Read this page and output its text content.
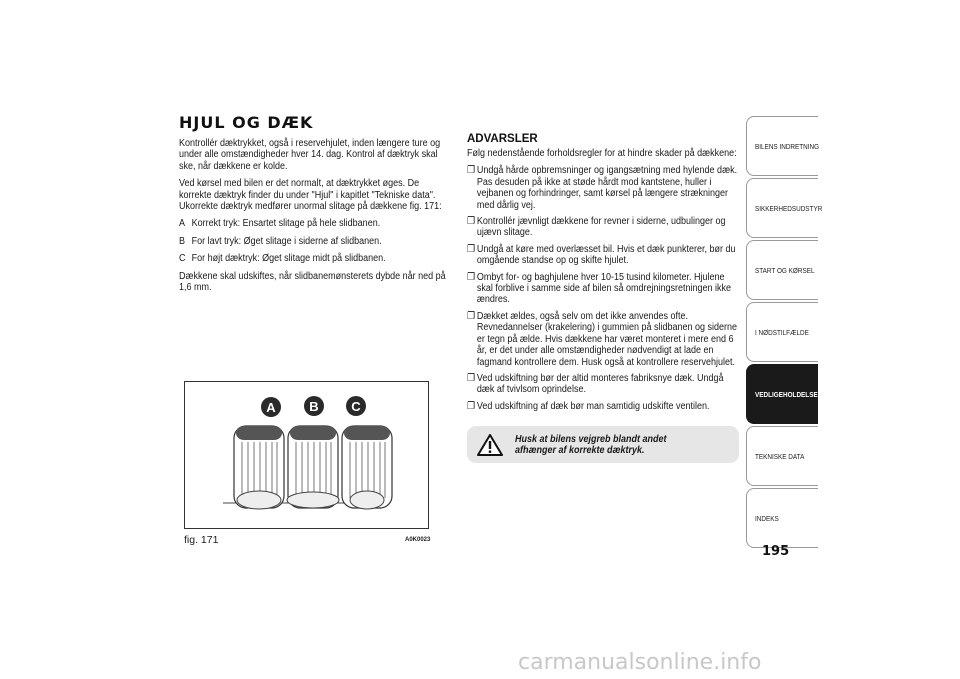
HJUL OG DÆK

Kontrollér dæktrykket, også i reservehjulet, inden længere ture og under alle omstændigheder hver 14. dag. Kontrol af dæktryk skal ske, når dækkene er kolde.

Ved kørsel med bilen er det normalt, at dæktrykket øges. De korrekte dæktryk finder du under "Hjul" i kapitlet "Tekniske data". Ukorrekte dæktryk medfører unormal slitage på dækkene fig. 171:

A Korrekt tryk: Ensartet slitage på hele slidbanen.
B For lavt tryk: Øget slitage i siderne af slidbanen.
C For højt dæktryk: Øget slitage midt på slidbanen.

Dækkene skal udskiftes, når slidbanemønsterets dybde når ned på 1,6 mm.

A	B	C
fig. 171	A0K0023
ADVARSLER

Følg nedenstående forholdsregler for at hindre skader på dækkene:

❐ Undgå hårde opbremsninger og igangsætning med hylende dæk. Pas desuden på ikke at støde hårdt mod kantstene, huller i vejbanen og forhindringer, samt kørsel på længere strækninger med dårlig vej.
❐ Kontrollér jævnligt dækkene for revner i siderne, udbulinger og ujævn slitage.
❐ Undgå at køre med overlæsset bil. Hvis et dæk punkterer, bør du omgående standse op og skifte hjulet.
❐ Ombyt for- og baghjulene hver 10-15 tusind kilometer. Hjulene skal forblive i samme side af bilen så omdrejningsretningen ikke ændres.
❐ Dækket ældes, også selv om det ikke anvendes ofte. Revnedannelser (krakelering) i gummien på slidbanen og siderne er tegn på ælde. Hvis dækkene har været monteret i mere end 6 år, er det under alle omstændigheder nødvendigt at lade en fagmand kontrollere dem. Husk også at kontrollere reservehjulet.
❐ Ved udskiftning bør der altid monteres fabriksnye dæk. Undgå dæk af tvivlsom oprindelse.
❐ Ved udskiftning af dæk bør man samtidig udskifte ventilen.
Husk at bilens vejgreb blandt andet afhænger af korrekte dæktryk.
BILENS INDRETNING
SIKKERHEDSUDSTYR
START OG KØRSEL
I NØDSTILFÆLDE
VEDLIGEHOLDELSE
TEKNISKE DATA
INDEKS
195
carmanualsonline.info
